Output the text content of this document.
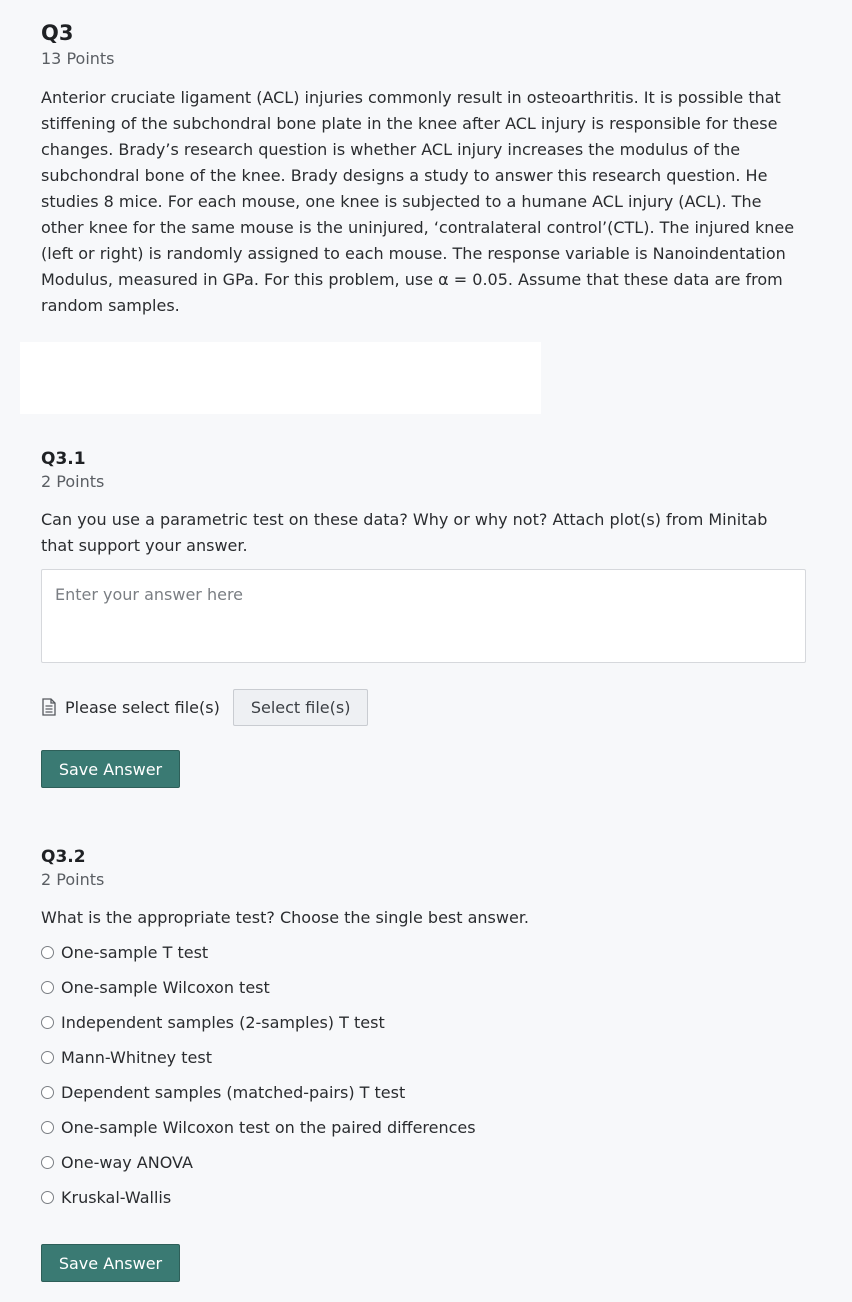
Q3
13 Points
Anterior cruciate ligament (ACL) injuries commonly result in osteoarthritis. It is possible that stiffening of the subchondral bone plate in the knee after ACL injury is responsible for these changes. Brady’s research question is whether ACL injury increases the modulus of the subchondral bone of the knee. Brady designs a study to answer this research question. He studies 8 mice. For each mouse, one knee is subjected to a humane ACL injury (ACL). The other knee for the same mouse is the uninjured, ‘contralateral control’(CTL). The injured knee (left or right) is randomly assigned to each mouse. The response variable is Nanoindentation Modulus, measured in GPa. For this problem, use α = 0.05. Assume that these data are from random samples.
Q3.1
2 Points
Can you use a parametric test on these data? Why or why not? Attach plot(s) from Minitab that support your answer.
Enter your answer here
Please select file(s)	Select file(s)
Save Answer
Q3.2
2 Points
What is the appropriate test? Choose the single best answer.
One-sample T test
One-sample Wilcoxon test
Independent samples (2-samples) T test
Mann-Whitney test
Dependent samples (matched-pairs) T test
One-sample Wilcoxon test on the paired differences
One-way ANOVA
Kruskal-Wallis
Save Answer
